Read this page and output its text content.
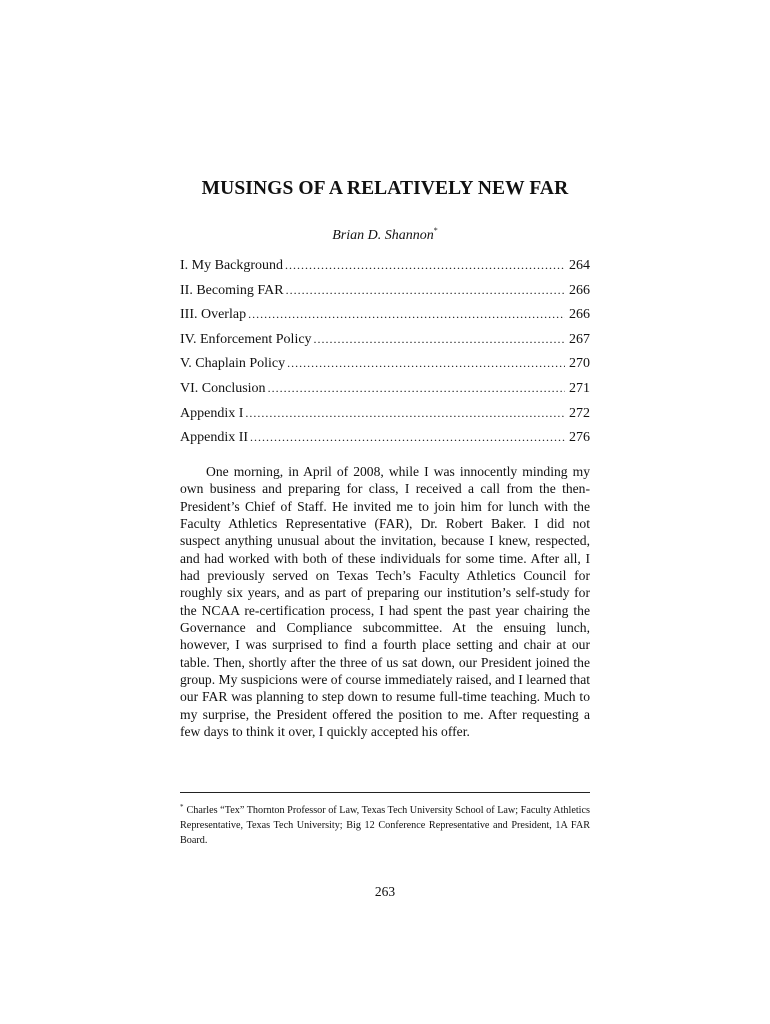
MUSINGS OF A RELATIVELY NEW FAR
Brian D. Shannon*
I. My Background .....	264
II. Becoming FAR .....	266
III. Overlap .....	266
IV. Enforcement Policy .....	267
V. Chaplain Policy .....	270
VI. Conclusion .....	271
Appendix I .....	272
Appendix II .....	276

One morning, in April of 2008, while I was innocently minding my own business and preparing for class, I received a call from the then-President’s Chief of Staff. He invited me to join him for lunch with the Faculty Athletics Representative (FAR), Dr. Robert Baker. I did not suspect anything unusual about the invitation, because I knew, respected, and had worked with both of these individuals for some time. After all, I had previously served on Texas Tech’s Faculty Athletics Council for roughly six years, and as part of preparing our institution’s self-study for the NCAA re-certification process, I had spent the past year chairing the Governance and Compliance subcommittee. At the ensuing lunch, however, I was surprised to find a fourth place setting and chair at our table. Then, shortly after the three of us sat down, our President joined the group. My suspicions were of course immediately raised, and I learned that our FAR was planning to step down to resume full-time teaching. Much to my surprise, the President offered the position to me. After requesting a few days to think it over, I quickly accepted his offer.

* Charles “Tex” Thornton Professor of Law, Texas Tech University School of Law; Faculty Athletics Representative, Texas Tech University; Big 12 Conference Representative and President, 1A FAR Board.

263
